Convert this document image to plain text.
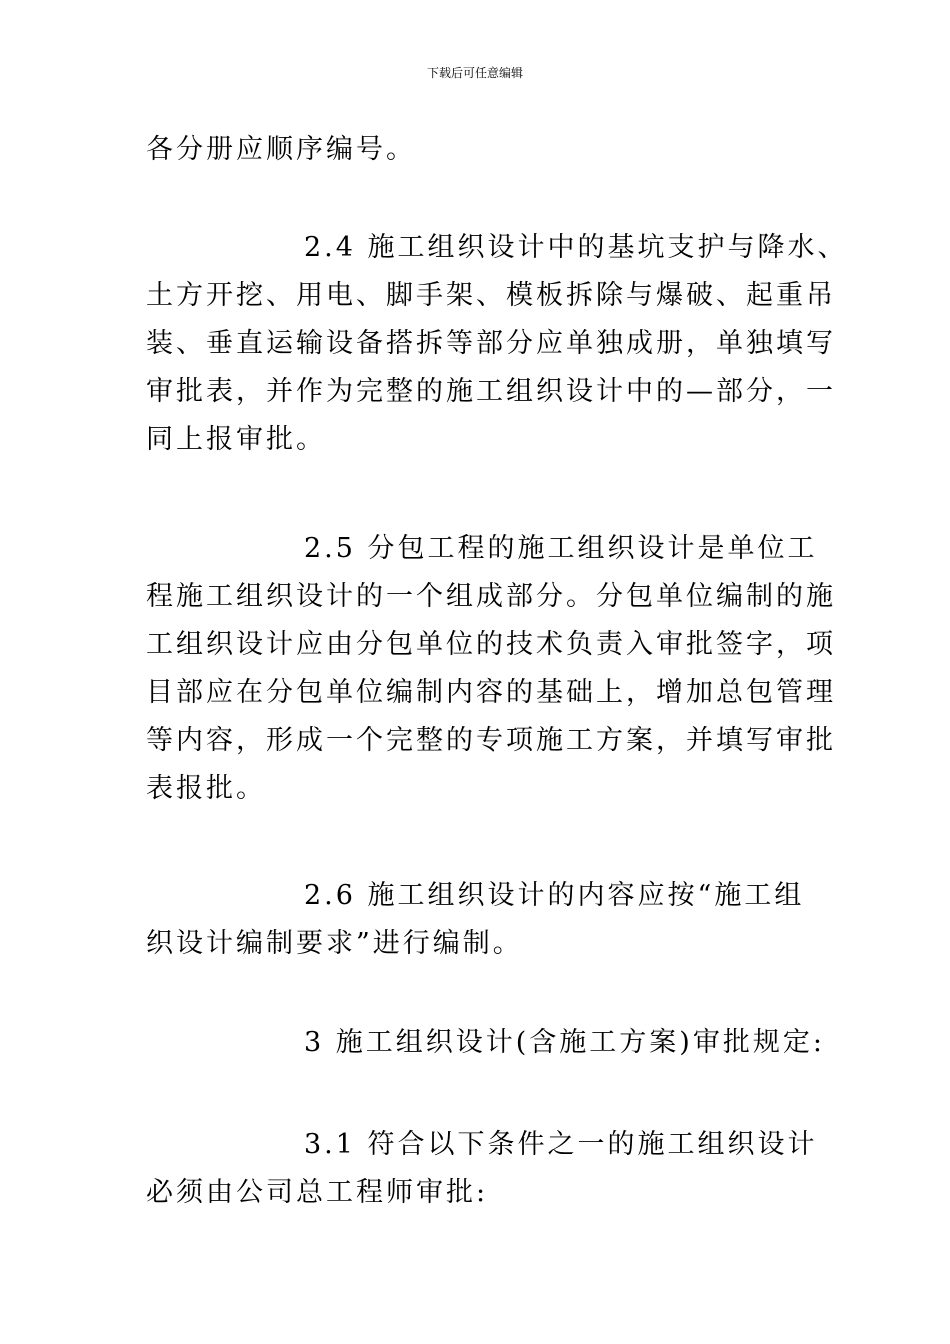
下载后可任意编辑
各分册应顺序编号。
2.4 施工组织设计中的基坑支护与降水、
土方开挖、用电、脚手架、模板拆除与爆破、起重吊
装、垂直运输设备搭拆等部分应单独成册，单独填写
审批表，并作为完整的施工组织设计中的—部分，一
同上报审批。
2.5 分包工程的施工组织设计是单位工
程施工组织设计的一个组成部分。分包单位编制的施
工组织设计应由分包单位的技术负责入审批签字，项
目部应在分包单位编制内容的基础上，增加总包管理
等内容，形成一个完整的专项施工方案，并填写审批
表报批。
2.6 施工组织设计的内容应按“施工组
织设计编制要求”进行编制。
3 施工组织设计(含施工方案)审批规定:
3.1 符合以下条件之一的施工组织设计
必须由公司总工程师审批:
